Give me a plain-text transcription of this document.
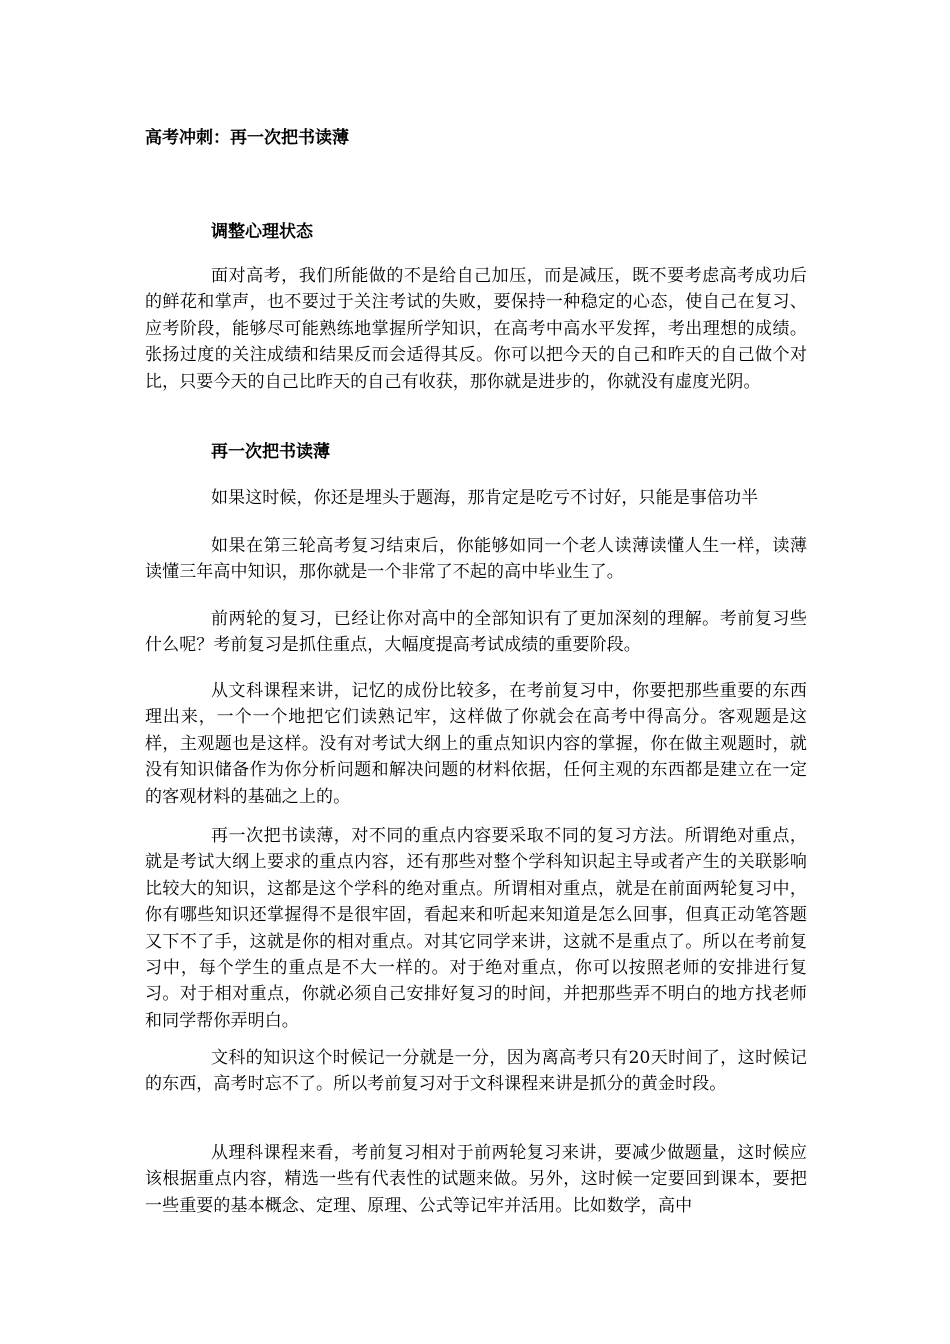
高考冲刺：再一次把书读薄
调整心理状态

面对高考，我们所能做的不是给自己加压，而是减压，既不要考虑高考成功后的鲜花和掌声，也不要过于关注考试的失败，要保持一种稳定的心态，使自己在复习、应考阶段，能够尽可能熟练地掌握所学知识，在高考中高水平发挥，考出理想的成绩。张扬过度的关注成绩和结果反而会适得其反。你可以把今天的自己和昨天的自己做个对比，只要今天的自己比昨天的自己有收获，那你就是进步的，你就没有虚度光阴。

再一次把书读薄

如果这时候，你还是埋头于题海，那肯定是吃亏不讨好，只能是事倍功半

如果在第三轮高考复习结束后，你能够如同一个老人读薄读懂人生一样，读薄读懂三年高中知识，那你就是一个非常了不起的高中毕业生了。

前两轮的复习，已经让你对高中的全部知识有了更加深刻的理解。考前复习些什么呢？考前复习是抓住重点，大幅度提高考试成绩的重要阶段。

从文科课程来讲，记忆的成份比较多，在考前复习中，你要把那些重要的东西理出来，一个一个地把它们读熟记牢，这样做了你就会在高考中得高分。客观题是这样，主观题也是这样。没有对考试大纲上的重点知识内容的掌握，你在做主观题时，就没有知识储备作为你分析问题和解决问题的材料依据，任何主观的东西都是建立在一定的客观材料的基础之上的。

再一次把书读薄，对不同的重点内容要采取不同的复习方法。所谓绝对重点，就是考试大纲上要求的重点内容，还有那些对整个学科知识起主导或者产生的关联影响比较大的知识，这都是这个学科的绝对重点。所谓相对重点，就是在前面两轮复习中，你有哪些知识还掌握得不是很牢固，看起来和听起来知道是怎么回事，但真正动笔答题又下不了手，这就是你的相对重点。对其它同学来讲，这就不是重点了。所以在考前复习中，每个学生的重点是不大一样的。对于绝对重点，你可以按照老师的安排进行复习。对于相对重点，你就必须自己安排好复习的时间，并把那些弄不明白的地方找老师和同学帮你弄明白。

文科的知识这个时候记一分就是一分，因为离高考只有20天时间了，这时候记的东西，高考时忘不了。所以考前复习对于文科课程来讲是抓分的黄金时段。

从理科课程来看，考前复习相对于前两轮复习来讲，要减少做题量，这时候应该根据重点内容，精选一些有代表性的试题来做。另外，这时候一定要回到课本，要把一些重要的基本概念、定理、原理、公式等记牢并活用。比如数学，高中
